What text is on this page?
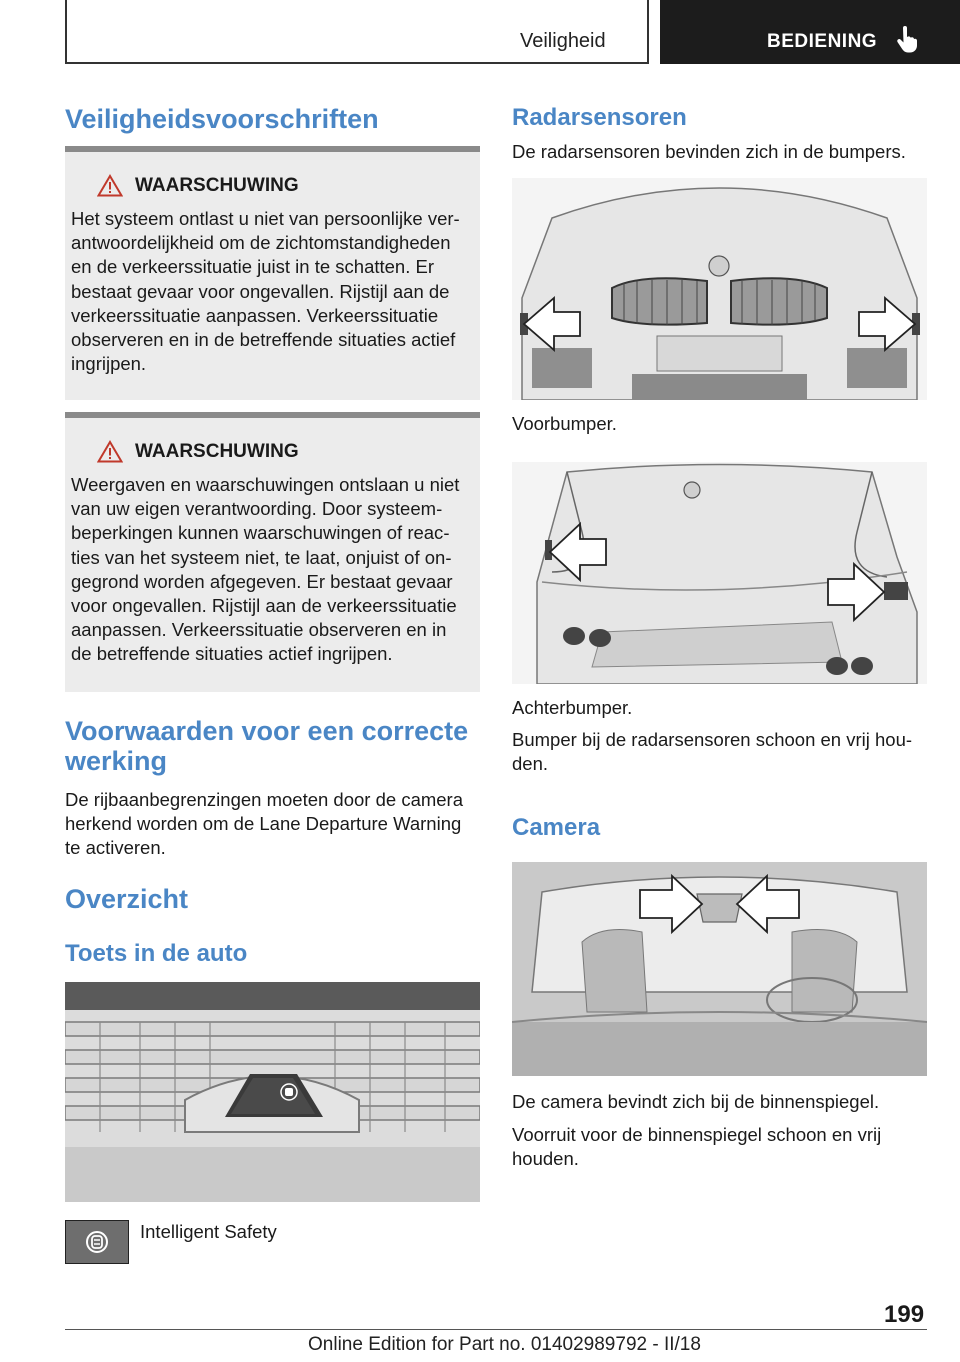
Veiligheid	BEDIENING
Veiligheidsvoorschriften
WAARSCHUWING
Het systeem ontlast u niet van persoonlijke verantwoordelijkheid om de zichtomstandigheden en de verkeerssituatie juist in te schatten. Er bestaat gevaar voor ongevallen. Rijstijl aan de verkeerssituatie aanpassen. Verkeerssituatie observeren en in de betreffende situaties actief ingrijpen.
WAARSCHUWING
Weergaven en waarschuwingen ontslaan u niet van uw eigen verantwoording. Door systeembeperkingen kunnen waarschuwingen of reacties van het systeem niet, te laat, onjuist of ongegrond worden afgegeven. Er bestaat gevaar voor ongevallen. Rijstijl aan de verkeerssituatie aanpassen. Verkeerssituatie observeren en in de betreffende situaties actief ingrijpen.
Voorwaarden voor een correcte werking
De rijbaanbegrenzingen moeten door de camera herkend worden om de Lane Departure Warning te activeren.
Overzicht
Toets in de auto
Intelligent Safety
Radarsensoren
De radarsensoren bevinden zich in de bumpers.
Voorbumper.
Achterbumper.
Bumper bij de radarsensoren schoon en vrij houden.
Camera
De camera bevindt zich bij de binnenspiegel.
Voorruit voor de binnenspiegel schoon en vrij houden.
199
Online Edition for Part no. 01402989792 - II/18
